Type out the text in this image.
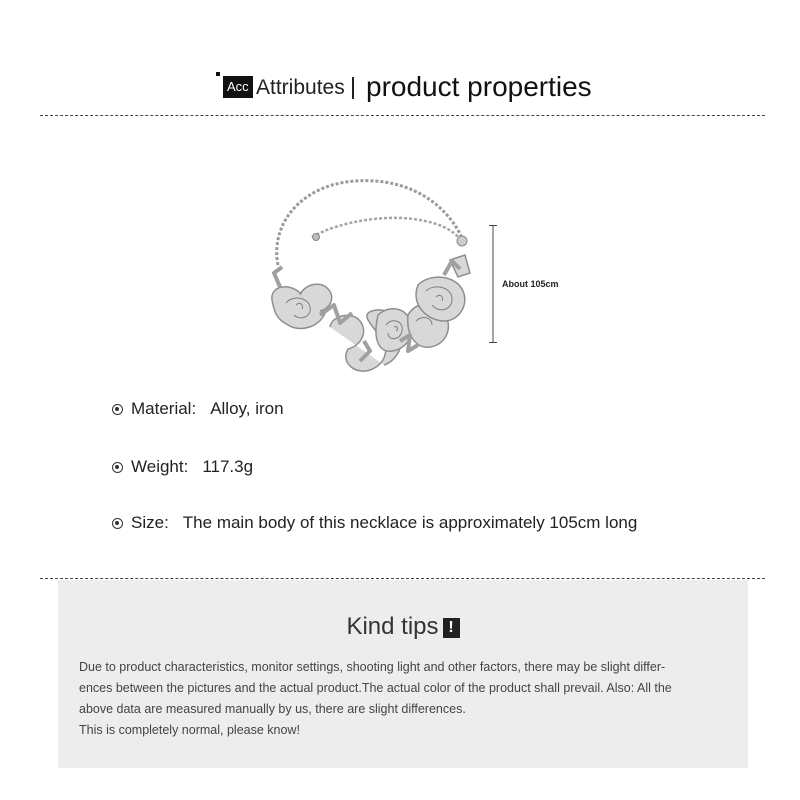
Acc Attributes product properties
About 105cm
Material: Alloy, iron
Weight: 117.3g
Size: The main body of this necklace is approximately 105cm long
Kind tips !

Due to product characteristics, monitor settings, shooting light and other factors, there may be slight differ-

ences between the pictures and the actual product.The actual color of the product shall prevail. Also: All the

above data are measured manually by us, there are slight differences.

This is completely normal, please know!
